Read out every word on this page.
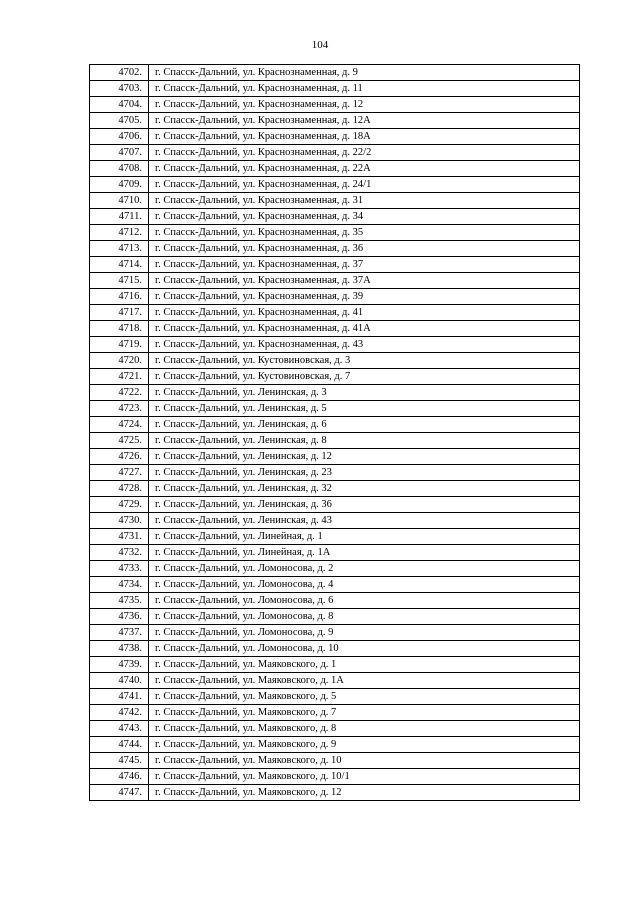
104
4702.	г. Спасск-Дальний, ул. Краснознаменная, д. 9
4703.	г. Спасск-Дальний, ул. Краснознаменная, д. 11
4704.	г. Спасск-Дальний, ул. Краснознаменная, д. 12
4705.	г. Спасск-Дальний, ул. Краснознаменная, д. 12А
4706.	г. Спасск-Дальний, ул. Краснознаменная, д. 18А
4707.	г. Спасск-Дальний, ул. Краснознаменная, д. 22/2
4708.	г. Спасск-Дальний, ул. Краснознаменная, д. 22А
4709.	г. Спасск-Дальний, ул. Краснознаменная, д. 24/1
4710.	г. Спасск-Дальний, ул. Краснознаменная, д. 31
4711.	г. Спасск-Дальний, ул. Краснознаменная, д. 34
4712.	г. Спасск-Дальний, ул. Краснознаменная, д. 35
4713.	г. Спасск-Дальний, ул. Краснознаменная, д. 36
4714.	г. Спасск-Дальний, ул. Краснознаменная, д. 37
4715.	г. Спасск-Дальний, ул. Краснознаменная, д. 37А
4716.	г. Спасск-Дальний, ул. Краснознаменная, д. 39
4717.	г. Спасск-Дальний, ул. Краснознаменная, д. 41
4718.	г. Спасск-Дальний, ул. Краснознаменная, д. 41А
4719.	г. Спасск-Дальний, ул. Краснознаменная, д. 43
4720.	г. Спасск-Дальний, ул. Кустовиновская, д. 3
4721.	г. Спасск-Дальний, ул. Кустовиновская, д. 7
4722.	г. Спасск-Дальний, ул. Ленинская, д. 3
4723.	г. Спасск-Дальний, ул. Ленинская, д. 5
4724.	г. Спасск-Дальний, ул. Ленинская, д. 6
4725.	г. Спасск-Дальний, ул. Ленинская, д. 8
4726.	г. Спасск-Дальний, ул. Ленинская, д. 12
4727.	г. Спасск-Дальний, ул. Ленинская, д. 23
4728.	г. Спасск-Дальний, ул. Ленинская, д. 32
4729.	г. Спасск-Дальний, ул. Ленинская, д. 36
4730.	г. Спасск-Дальний, ул. Ленинская, д. 43
4731.	г. Спасск-Дальний, ул. Линейная, д. 1
4732.	г. Спасск-Дальний, ул. Линейная, д. 1А
4733.	г. Спасск-Дальний, ул. Ломоносова, д. 2
4734.	г. Спасск-Дальний, ул. Ломоносова, д. 4
4735.	г. Спасск-Дальний, ул. Ломоносова, д. 6
4736.	г. Спасск-Дальний, ул. Ломоносова, д. 8
4737.	г. Спасск-Дальний, ул. Ломоносова, д. 9
4738.	г. Спасск-Дальний, ул. Ломоносова, д. 10
4739.	г. Спасск-Дальний, ул. Маяковского, д. 1
4740.	г. Спасск-Дальний, ул. Маяковского, д. 1А
4741.	г. Спасск-Дальний, ул. Маяковского, д. 5
4742.	г. Спасск-Дальний, ул. Маяковского, д. 7
4743.	г. Спасск-Дальний, ул. Маяковского, д. 8
4744.	г. Спасск-Дальний, ул. Маяковского, д. 9
4745.	г. Спасск-Дальний, ул. Маяковского, д. 10
4746.	г. Спасск-Дальний, ул. Маяковского, д. 10/1
4747.	г. Спасск-Дальний, ул. Маяковского, д. 12
